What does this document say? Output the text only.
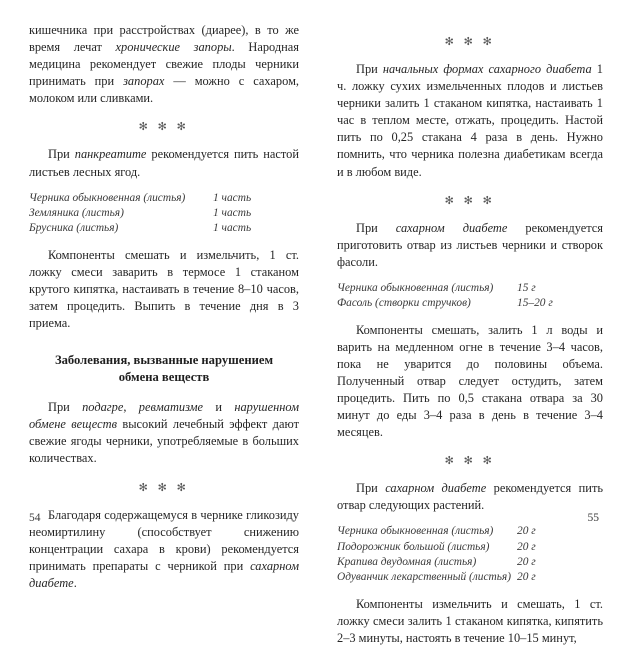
кишечника при расстройствах (диарее), в то же время лечат хронические запоры. Народная медицина рекомендует свежие плоды черники принимать при запорах — можно с сахаром, молоком или сливками.

✻ ✻ ✻

При панкреатите рекомендуется пить настой листьев лесных ягод.

Черника обыкновенная (листья)	1 часть
Земляника (листья)	1 часть
Брусника (листья)	1 часть

Компоненты смешать и измельчить, 1 ст. ложку смеси заварить в термосе 1 стаканом крутого кипятка, настаивать в течение 8–10 часов, затем процедить. Выпить в течение дня в 3 приема.

Заболевания, вызванные нарушением
обмена веществ

При подагре, ревматизме и нарушенном обмене веществ высокий лечебный эффект дают свежие ягоды черники, употребляемые в больших количествах.

✻ ✻ ✻

Благодаря содержащемуся в чернике гликозиду неомиртилину (способствует снижению концентрации сахара в крови) рекомендуется принимать препараты с черникой при сахарном диабете.

54
✻ ✻ ✻

При начальных формах сахарного диабета 1 ч. ложку сухих измельченных плодов и листьев черники залить 1 стаканом кипятка, настаивать 1 час в теплом месте, отжать, процедить. Настой пить по 0,25 стакана 4 раза в день. Нужно помнить, что черника полезна диабетикам всегда и в любом виде.

✻ ✻ ✻

При сахарном диабете рекомендуется приготовить отвар из листьев черники и створок фасоли.

Черника обыкновенная (листья)	15 г
Фасоль (створки стручков)	15–20 г

Компоненты смешать, залить 1 л воды и варить на медленном огне в течение 3–4 часов, пока не уварится до половины объема. Полученный отвар следует остудить, затем процедить. Пить по 0,5 стакана отвара за 30 минут до еды 3–4 раза в день в течение 3–4 месяцев.

✻ ✻ ✻

При сахарном диабете рекомендуется пить отвар следующих растений.

Черника обыкновенная (листья)	20 г
Подорожник большой (листья)	20 г
Крапива двудомная (листья)	20 г
Одуванчик лекарственный (листья)	20 г

Компоненты измельчить и смешать, 1 ст. ложку смеси залить 1 стаканом кипятка, кипятить 2–3 минуты, настоять в течение 10–15 минут,

55
